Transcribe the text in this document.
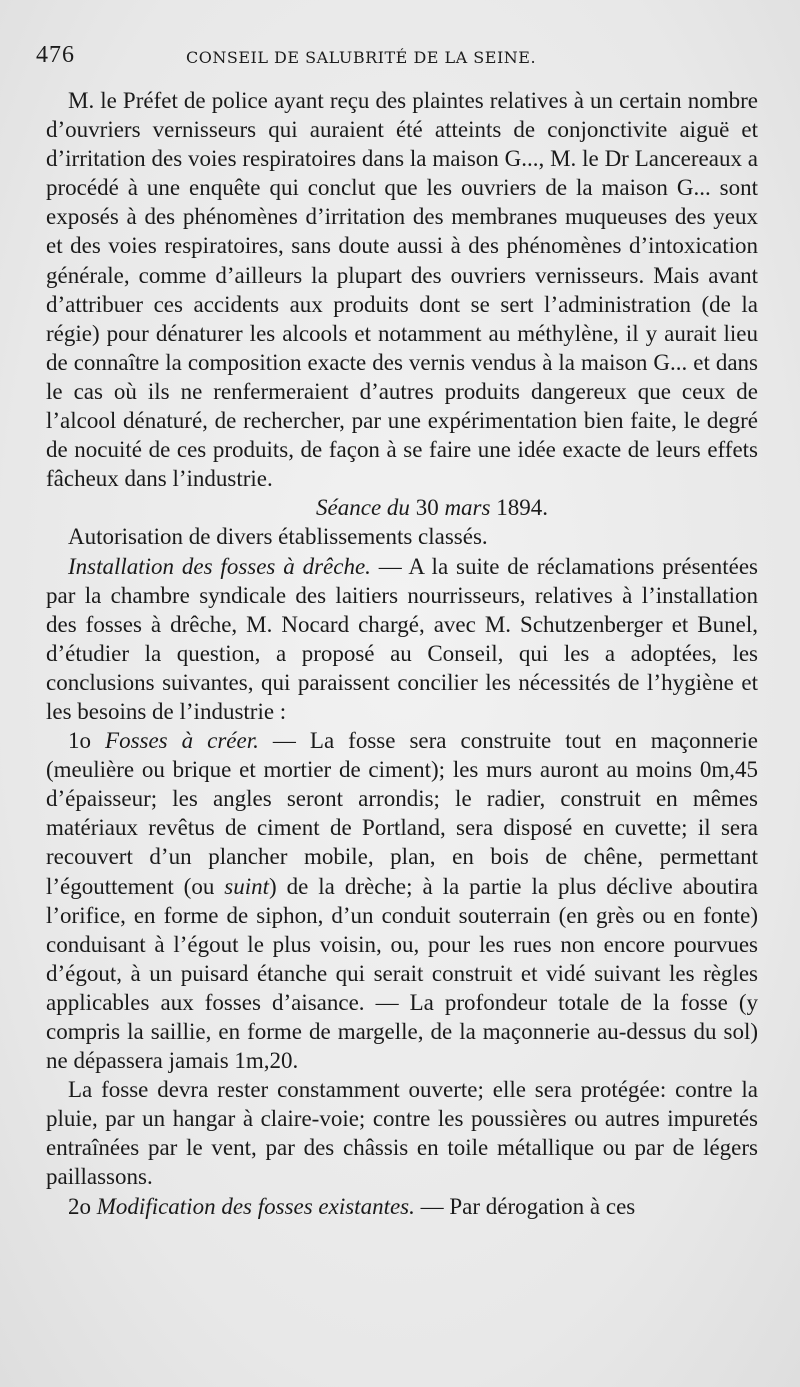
476	CONSEIL DE SALUBRITÉ DE LA SEINE.

M. le Préfet de police ayant reçu des plaintes relatives à un certain nombre d’ouvriers vernisseurs qui auraient été atteints de conjonctivite aiguë et d’irritation des voies respiratoires dans la maison G..., M. le Dr Lancereaux a procédé à une enquête qui conclut que les ouvriers de la maison G... sont exposés à des phénomènes d’irritation des membranes muqueuses des yeux et des voies respiratoires, sans doute aussi à des phénomènes d’intoxication générale, comme d’ailleurs la plupart des ouvriers vernisseurs. Mais avant d’attribuer ces accidents aux produits dont se sert l’administration (de la régie) pour dénaturer les alcools et notamment au méthylène, il y aurait lieu de connaître la composition exacte des vernis vendus à la maison G... et dans le cas où ils ne renfermeraient d’autres produits dangereux que ceux de l’alcool dénaturé, de rechercher, par une expérimentation bien faite, le degré de nocuité de ces produits, de façon à se faire une idée exacte de leurs effets fâcheux dans l’industrie.

Séance du 30 mars 1894.

Autorisation de divers établissements classés.

Installation des fosses à drêche. — A la suite de réclamations présentées par la chambre syndicale des laitiers nourrisseurs, relatives à l’installation des fosses à drêche, M. Nocard chargé, avec M. Schutzenberger et Bunel, d’étudier la question, a proposé au Conseil, qui les a adoptées, les conclusions suivantes, qui paraissent concilier les nécessités de l’hygiène et les besoins de l’industrie :

1o Fosses à créer. — La fosse sera construite tout en maçonnerie (meulière ou brique et mortier de ciment); les murs auront au moins 0m,45 d’épaisseur; les angles seront arrondis; le radier, construit en mêmes matériaux revêtus de ciment de Portland, sera disposé en cuvette; il sera recouvert d’un plancher mobile, plan, en bois de chêne, permettant l’égouttement (ou suint) de la drèche; à la partie la plus déclive aboutira l’orifice, en forme de siphon, d’un conduit souterrain (en grès ou en fonte) conduisant à l’égout le plus voisin, ou, pour les rues non encore pourvues d’égout, à un puisard étanche qui serait construit et vidé suivant les règles applicables aux fosses d’aisance. — La profondeur totale de la fosse (y compris la saillie, en forme de margelle, de la maçonnerie au-dessus du sol) ne dépassera jamais 1m,20.

La fosse devra rester constamment ouverte; elle sera protégée: contre la pluie, par un hangar à claire-voie; contre les poussières ou autres impuretés entraînées par le vent, par des châssis en toile métallique ou par de légers paillassons.

2o Modification des fosses existantes. — Par dérogation à ces
